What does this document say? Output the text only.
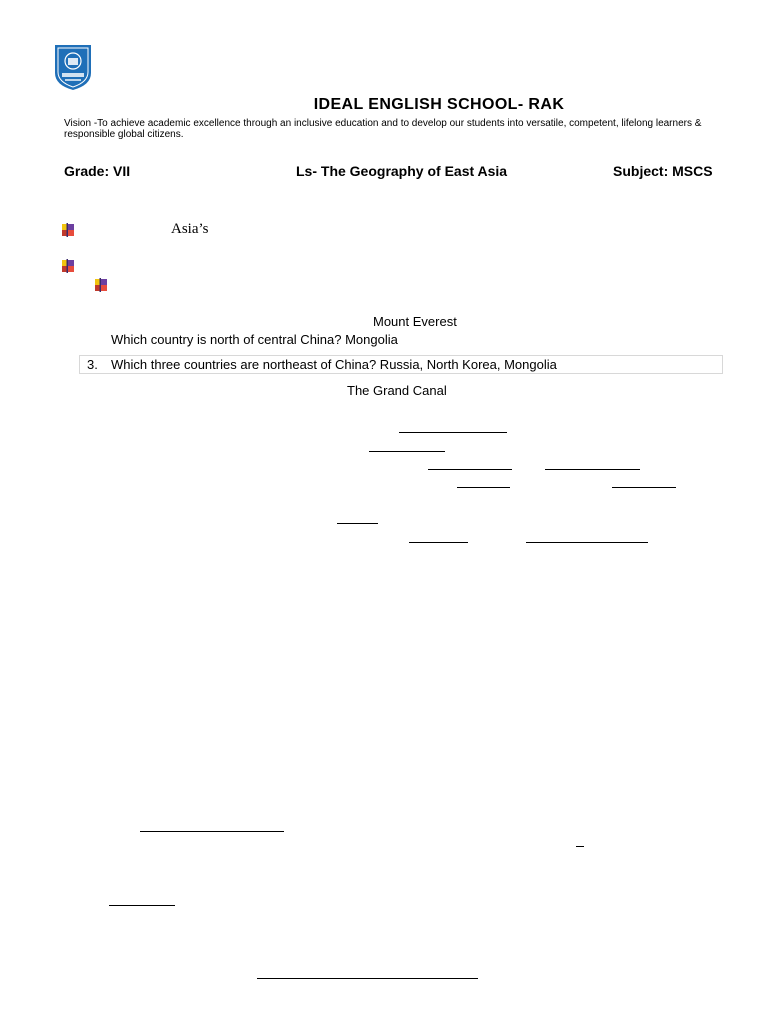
IDEAL ENGLISH SCHOOL- RAK
Vision -To achieve academic excellence through an inclusive education and to develop our students into versatile, competent, lifelong learners & responsible global citizens.
Grade: VII	Ls- The Geography of East Asia	Subject: MSCS
Asia’s
Mount Everest
Which country is north of central China? Mongolia
3. Which three countries are northeast of China? Russia, North Korea, Mongolia
The Grand Canal
